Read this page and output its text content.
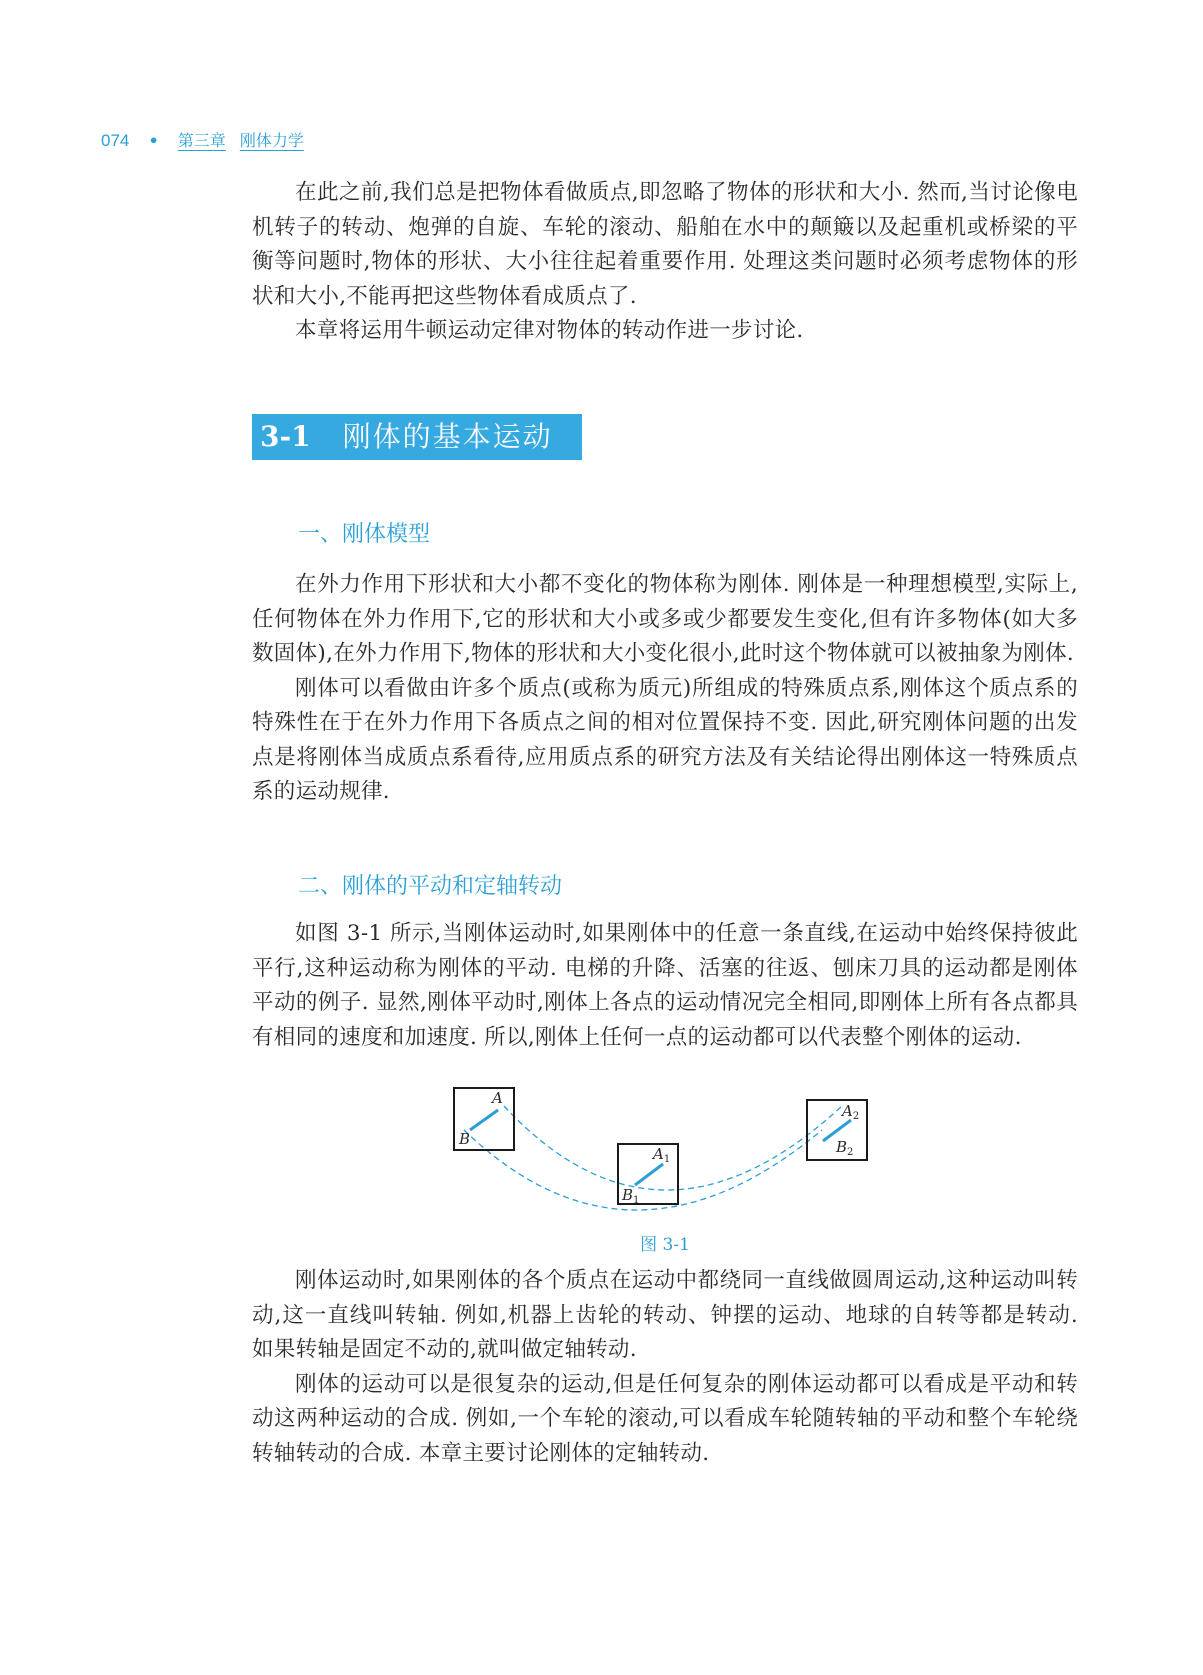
074 • 第三章 刚体力学

在此之前,我们总是把物体看做质点,即忽略了物体的形状和大小. 然而,当讨论像电机转子的转动、炮弹的自旋、车轮的滚动、船舶在水中的颠簸以及起重机或桥梁的平衡等问题时,物体的形状、大小往往起着重要作用. 处理这类问题时必须考虑物体的形状和大小,不能再把这些物体看成质点了.

本章将运用牛顿运动定律对物体的转动作进一步讨论.

3-1 刚体的基本运动
一、刚体模型

在外力作用下形状和大小都不变化的物体称为刚体. 刚体是一种理想模型,实际上,任何物体在外力作用下,它的形状和大小或多或少都要发生变化,但有许多物体(如大多数固体),在外力作用下,物体的形状和大小变化很小,此时这个物体就可以被抽象为刚体.

刚体可以看做由许多个质点(或称为质元)所组成的特殊质点系,刚体这个质点系的特殊性在于在外力作用下各质点之间的相对位置保持不变. 因此,研究刚体问题的出发点是将刚体当成质点系看待,应用质点系的研究方法及有关结论得出刚体这一特殊质点系的运动规律.

二、刚体的平动和定轴转动

如图 3-1 所示,当刚体运动时,如果刚体中的任意一条直线,在运动中始终保持彼此平行,这种运动称为刚体的平动. 电梯的升降、活塞的往返、刨床刀具的运动都是刚体平动的例子. 显然,刚体平动时,刚体上各点的运动情况完全相同,即刚体上所有各点都具有相同的速度和加速度. 所以,刚体上任何一点的运动都可以代表整个刚体的运动.

A
B
$A_1$
$B_1$
$A_2$
$B_2$
图 3-1

刚体运动时,如果刚体的各个质点在运动中都绕同一直线做圆周运动,这种运动叫转动,这一直线叫转轴. 例如,机器上齿轮的转动、钟摆的运动、地球的自转等都是转动. 如果转轴是固定不动的,就叫做定轴转动.

刚体的运动可以是很复杂的运动,但是任何复杂的刚体运动都可以看成是平动和转动这两种运动的合成. 例如,一个车轮的滚动,可以看成车轮随转轴的平动和整个车轮绕转轴转动的合成. 本章主要讨论刚体的定轴转动.
